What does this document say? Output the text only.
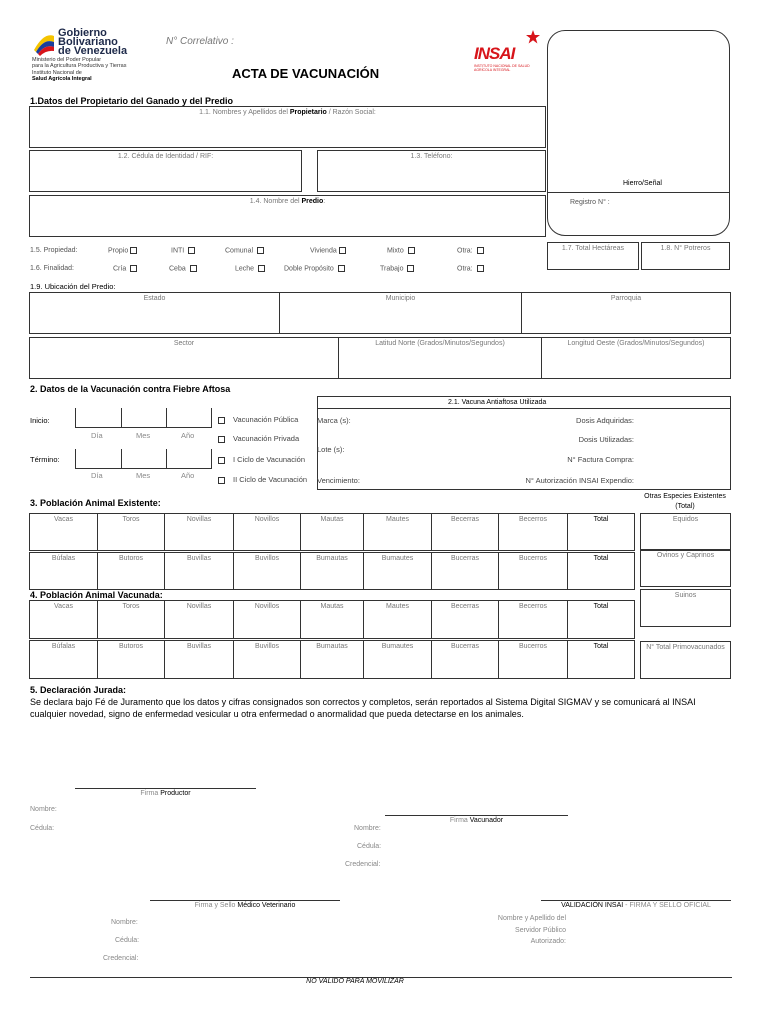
Gobierno
Bolivariano
de Venezuela
Ministerio del Poder Popular
para la Agricultura Productiva y Tierras
Instituto Nacional de
Salud Agrícola Integral
N° Correlativo :
ACTA DE VACUNACIÓN
INSAI
INSTITUTO NACIONAL DE SALUD AGRÍCOLA INTEGRAL
Hierro/Señal
Registro N° :
1.Datos del Propietario del Ganado y del Predio
1.1. Nombres y Apellidos del Propietario / Razón Social:
1.2. Cédula de Identidad / RIF:	1.3. Teléfono:
1.4. Nombre del Predio:
1.5. Propiedad:	Propio	INTI	Comunal	Vivienda	Mixto	Otra:
1.6. Finalidad:	Cría	Ceba	Leche	Doble Propósito	Trabajo	Otra:
1.7. Total Hectáreas	1.8. N° Potreros
1.9. Ubicación del Predio:
Estado	Municipio	Parroquia
Sector	Latitud Norte (Grados/Minutos/Segundos)	Longitud Oeste (Grados/Minutos/Segundos)
2. Datos de la Vacunación contra Fiebre Aftosa
Inicio:
Día	Mes	Año
Término:
Día	Mes	Año
Vacunación Pública
Vacunación Privada
I Ciclo de Vacunación
II Ciclo de Vacunación
2.1. Vacuna Antiaftosa Utilizada
Marca (s):
Lote (s):
Vencimiento:
Dosis Adquiridas:
Dosis Utilizadas:
N° Factura Compra:
N° Autorización INSAI Expendio:
3. Población Animal Existente:
Otras Especies Existentes
(Total)
Vacas	Toros	Novillas	Novillos	Mautas	Mautes	Becerras	Becerros	Total
Búfalas	Butoros	Buvillas	Buvillos	Bumautas	Bumautes	Bucerras	Bucerros	Total
Equidos
Ovinos y Caprinos
Suinos
N° Total Primovacunados
4. Población Animal Vacunada:
Vacas	Toros	Novillas	Novillos	Mautas	Mautes	Becerras	Becerros	Total
Búfalas	Butoros	Buvillas	Buvillos	Bumautas	Bumautes	Bucerras	Bucerros	Total
5. Declaración Jurada:
Se declara bajo Fé de Juramento que los datos y cifras consignados son correctos y completos, serán reportados al Sistema Digital SIGMAV y se comunicará al INSAI cualquier novedad, signo de enfermedad vesicular u otra enfermedad o anormalidad que pueda detectarse en los animales.
Firma Productor
Nombre:
Cédula:
Firma Vacunador
Nombre:
Cédula:
Credencial:
Firma y Sello Médico Veterinario
Nombre:
Cédula:
Credencial:
VALIDACIÓN INSAI - FIRMA Y SELLO OFICIAL
Nombre y Apellido del
Servidor Público
Autorizado:
NO VALIDO PARA MOVILIZAR
